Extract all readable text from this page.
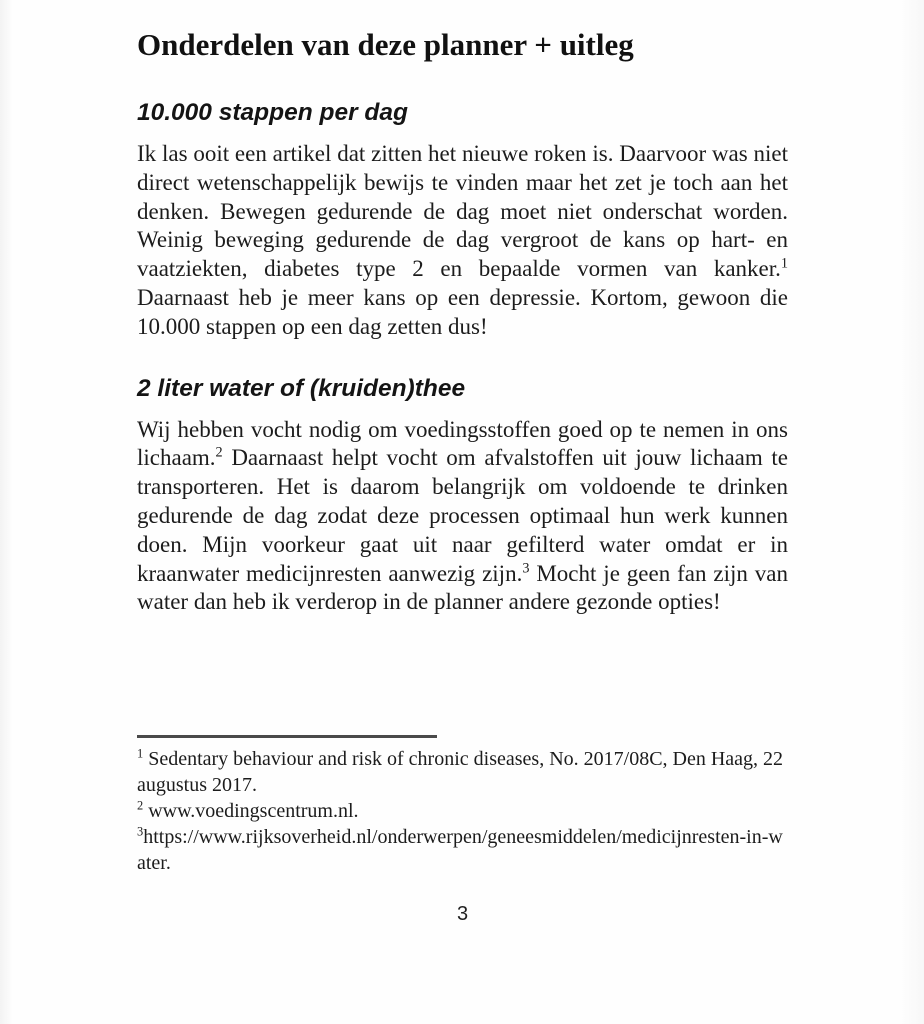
Onderdelen van deze planner + uitleg
10.000 stappen per dag

Ik las ooit een artikel dat zitten het nieuwe roken is. Daarvoor was niet direct wetenschappelijk bewijs te vinden maar het zet je toch aan het denken. Bewegen gedurende de dag moet niet onderschat worden. Weinig beweging gedurende de dag vergroot de kans op hart- en vaatziekten, diabetes type 2 en bepaalde vormen van kanker.$^1$ Daarnaast heb je meer kans op een depressie. Kortom, gewoon die 10.000 stappen op een dag zetten dus!

2 liter water of (kruiden)thee

Wij hebben vocht nodig om voedingsstoffen goed op te nemen in ons lichaam.$^2$ Daarnaast helpt vocht om afvalstoffen uit jouw lichaam te transporteren. Het is daarom belangrijk om voldoende te drinken gedurende de dag zodat deze processen optimaal hun werk kunnen doen. Mijn voorkeur gaat uit naar gefilterd water omdat er in kraanwater medicijnresten aanwezig zijn.$^3$ Mocht je geen fan zijn van water dan heb ik verderop in de planner andere gezonde opties!

$^1$ Sedentary behaviour and risk of chronic diseases, No. 2017/08C, Den Haag, 22 augustus 2017.

$^2$ www.voedingscentrum.nl.

$^3$https://www.rijksoverheid.nl/onderwerpen/geneesmiddelen/medicijnresten-in-water.

3
